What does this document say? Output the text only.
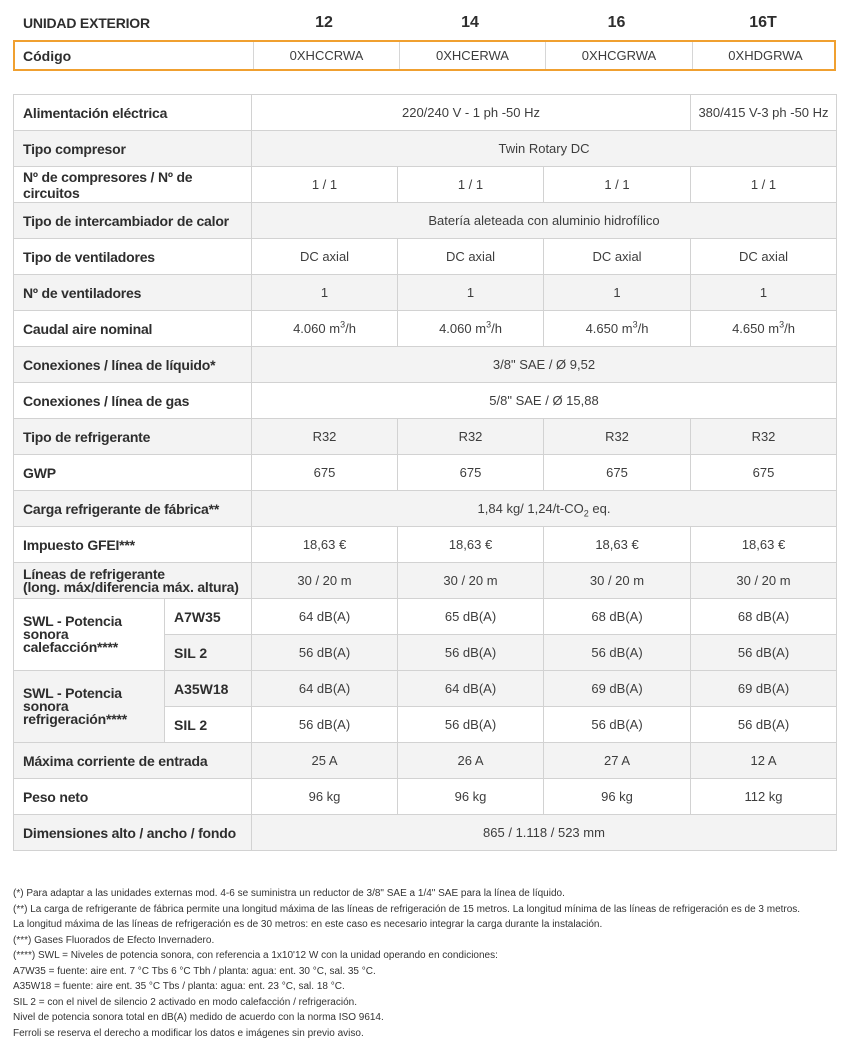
UNIDAD EXTERIOR	12	14	16	16T
Código	0XHCCRWA	0XHCERWA	0XHCGRWA	0XHDGRWA
Alimentación eléctrica		220/240 V - 1 ph -50 Hz			380/415 V-3 ph -50 Hz
Tipo compresor		Twin Rotary DC			
Nº de compresores / Nº de circuitos		1 / 1	1 / 1	1 / 1	1 / 1
Tipo de intercambiador de calor		Batería aleteada con aluminio hidrofílico			
Tipo de ventiladores		DC axial	DC axial	DC axial	DC axial
Nº de ventiladores		1	1	1	1
Caudal aire nominal		4.060 $m^3/h$	4.060 $m^3/h$	4.650 $m^3/h$	4.650 $m^3/h$
Conexiones / línea de líquido*		3/8" SAE / Ø 9,52			
Conexiones / línea de gas		5/8" SAE / Ø 15,88			
Tipo de refrigerante		R32	R32	R32	R32
GWP		675	675	675	675
Carga refrigerante de fábrica**		1,84 kg/ $1,24/t-CO_2$ eq.			
Impuesto GFEI***		18,63 €	18,63 €	18,63 €	18,63 €

Líneas de refrigerante
(long. máx/diferencia máx. altura)		30 / 20 m	30 / 20 m	30 / 20 m	30 / 20 m

SWL - Potencia sonora
calefacción****	A7W35	64 dB(A)	65 dB(A)	68 dB(A)	68 dB(A)
	SIL 2	56 dB(A)	56 dB(A)	56 dB(A)	56 dB(A)

SWL - Potencia sonora
refrigeración****	A35W18	64 dB(A)	64 dB(A)	69 dB(A)	69 dB(A)
	SIL 2	56 dB(A)	56 dB(A)	56 dB(A)	56 dB(A)
Máxima corriente de entrada		25 A	26 A	27 A	12 A
Peso neto		96 kg	96 kg	96 kg	112 kg
Dimensiones alto / ancho / fondo		865 / 1.118 / 523 mm			
(*) Para adaptar a las unidades externas mod. 4-6 se suministra un reductor de 3/8" SAE a 1/4" SAE para la línea de líquido.
(**) La carga de refrigerante de fábrica permite una longitud máxima de las líneas de refrigeración de 15 metros. La longitud mínima de las líneas de refrigeración es de 3 metros.
La longitud máxima de las líneas de refrigeración es de 30 metros: en este caso es necesario integrar la carga durante la instalación.
(***) Gases Fluorados de Efecto Invernadero.
(****) SWL = Niveles de potencia sonora, con referencia a 1x10'12 W con la unidad operando en condiciones:
A7W35 = fuente: aire ent. 7 °C Tbs 6 °C Tbh / planta: agua: ent. 30 °C, sal. 35 °C.
A35W18 = fuente: aire ent. 35 °C Tbs / planta: agua: ent. 23 °C, sal. 18 °C.
SIL 2 = con el nivel de silencio 2 activado en modo calefacción / refrigeración.
Nivel de potencia sonora total en dB(A) medido de acuerdo con la norma ISO 9614.
Ferroli se reserva el derecho a modificar los datos e imágenes sin previo aviso.
